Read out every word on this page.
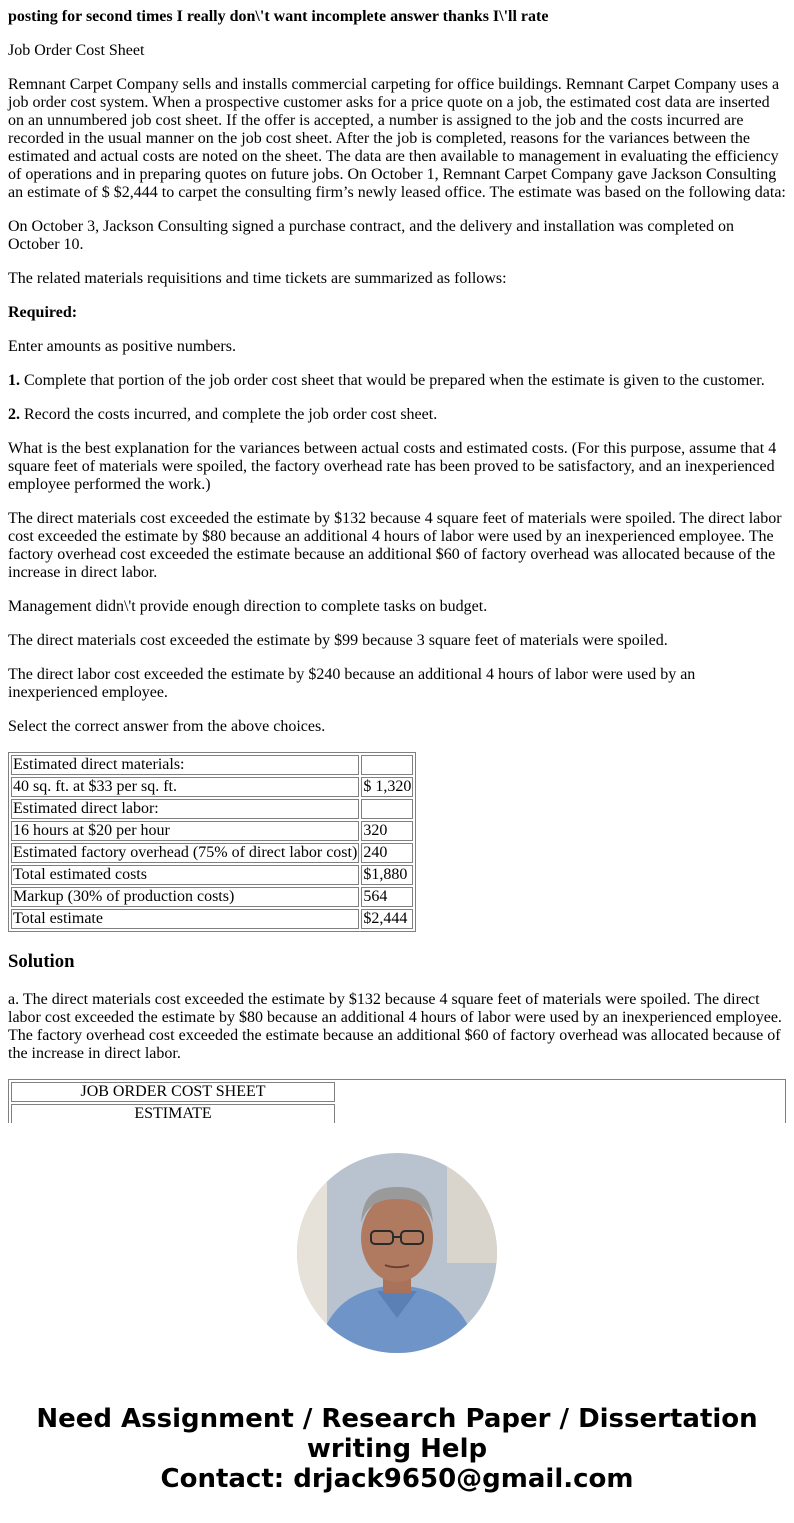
posting for second times I really don\'t want incomplete answer thanks I\'ll rate

Job Order Cost Sheet

Remnant Carpet Company sells and installs commercial carpeting for office buildings. Remnant Carpet Company uses a job order cost system. When a prospective customer asks for a price quote on a job, the estimated cost data are inserted on an unnumbered job cost sheet. If the offer is accepted, a number is assigned to the job and the costs incurred are recorded in the usual manner on the job cost sheet. After the job is completed, reasons for the variances between the estimated and actual costs are noted on the sheet. The data are then available to management in evaluating the efficiency of operations and in preparing quotes on future jobs. On October 1, Remnant Carpet Company gave Jackson Consulting an estimate of $ $2,444 to carpet the consulting firm’s newly leased office. The estimate was based on the following data:

On October 3, Jackson Consulting signed a purchase contract, and the delivery and installation was completed on October 10.

The related materials requisitions and time tickets are summarized as follows:

Required:

Enter amounts as positive numbers.

1. Complete that portion of the job order cost sheet that would be prepared when the estimate is given to the customer.

2. Record the costs incurred, and complete the job order cost sheet.

What is the best explanation for the variances between actual costs and estimated costs. (For this purpose, assume that 4 square feet of materials were spoiled, the factory overhead rate has been proved to be satisfactory, and an inexperienced employee performed the work.)

The direct materials cost exceeded the estimate by $132 because 4 square feet of materials were spoiled. The direct labor cost exceeded the estimate by $80 because an additional 4 hours of labor were used by an inexperienced employee. The factory overhead cost exceeded the estimate because an additional $60 of factory overhead was allocated because of the increase in direct labor.

Management didn\'t provide enough direction to complete tasks on budget.

The direct materials cost exceeded the estimate by $99 because 3 square feet of materials were spoiled.

The direct labor cost exceeded the estimate by $240 because an additional 4 hours of labor were used by an inexperienced employee.

Select the correct answer from the above choices.

Estimated direct materials:	
40 sq. ft. at $33 per sq. ft.	$ 1,320
Estimated direct labor:	
16 hours at $20 per hour	320
Estimated factory overhead (75% of direct labor cost)	240
Total estimated costs	$1,880
Markup (30% of production costs)	564
Total estimate	$2,444
Solution

a. The direct materials cost exceeded the estimate by $132 because 4 square feet of materials were spoiled. The direct labor cost exceeded the estimate by $80 because an additional 4 hours of labor were used by an inexperienced employee. The factory overhead cost exceeded the estimate because an additional $60 of factory overhead was allocated because of the increase in direct labor.

JOB ORDER COST SHEET
ESTIMATE
Need Assignment / Research Paper / Dissertation
writing Help
Contact: drjack9650@gmail.com
